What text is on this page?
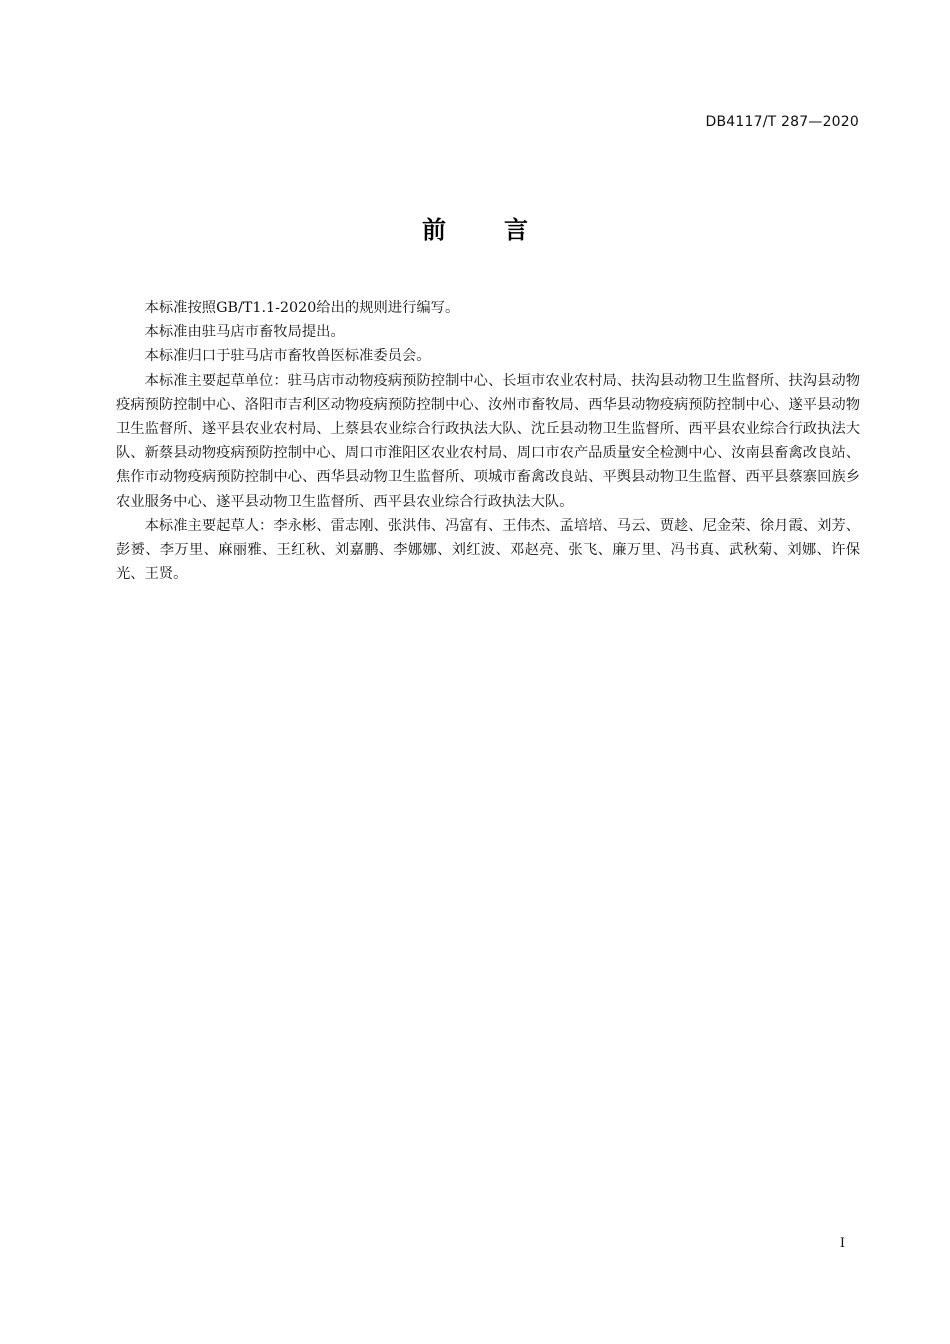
DB4117/T 287—2020
前 言

本标准按照GB/T1.1-2020给出的规则进行编写。

本标准由驻马店市畜牧局提出。

本标准归口于驻马店市畜牧兽医标准委员会。

本标准主要起草单位：驻马店市动物疫病预防控制中心、长垣市农业农村局、扶沟县动物卫生监督所、扶沟县动物疫病预防控制中心、洛阳市吉利区动物疫病预防控制中心、汝州市畜牧局、西华县动物疫病预防控制中心、遂平县动物卫生监督所、遂平县农业农村局、上蔡县农业综合行政执法大队、沈丘县动物卫生监督所、西平县农业综合行政执法大队、新蔡县动物疫病预防控制中心、周口市淮阳区农业农村局、周口市农产品质量安全检测中心、汝南县畜禽改良站、焦作市动物疫病预防控制中心、西华县动物卫生监督所、项城市畜禽改良站、平舆县动物卫生监督、西平县蔡寨回族乡农业服务中心、遂平县动物卫生监督所、西平县农业综合行政执法大队。

本标准主要起草人：李永彬、雷志刚、张洪伟、冯富有、王伟杰、孟培培、马云、贾趁、尼金荣、徐月霞、刘芳、彭赟、李万里、麻丽雅、王红秋、刘嘉鹏、李娜娜、刘红波、邓赵亮、张飞、廉万里、冯书真、武秋菊、刘娜、许保光、王贤。

I
